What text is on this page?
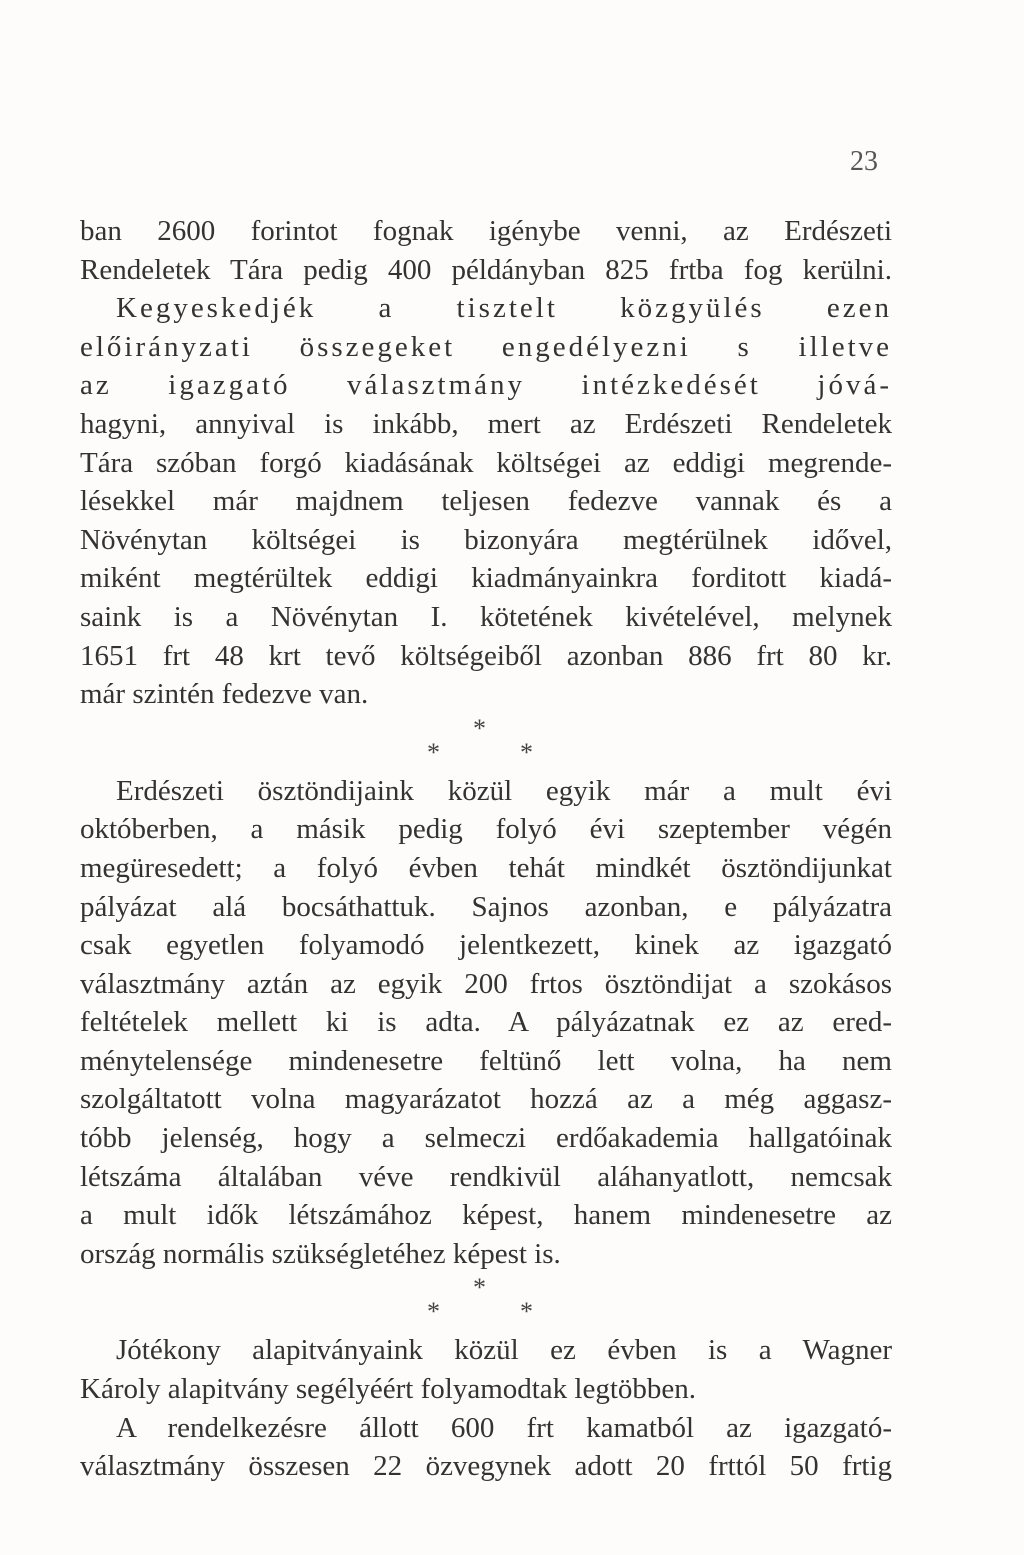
23
ban 2600 forintot fognak igénybe venni, az Erdészeti
Rendeletek Tára pedig 400 példányban 825 frtba fog kerülni.
Kegyeskedjék a tisztelt közgyülés ezen
előirányzati összegeket engedélyezni s illetve
az igazgató választmány intézkedését jóvá-
hagyni, annyival is inkább, mert az Erdészeti Rendeletek
Tára szóban forgó kiadásának költségei az eddigi megrende-
lésekkel már majdnem teljesen fedezve vannak és a
Növénytan költségei is bizonyára megtérülnek idővel,
miként megtérültek eddigi kiadmányainkra forditott kiadá-
saink is a Növénytan I. kötetének kivételével, melynek
1651 frt 48 krt tevő költségeiből azonban 886 frt 80 kr.
már szintén fedezve van.
*
*	*
Erdészeti ösztöndijaink közül egyik már a mult évi
októberben, a másik pedig folyó évi szeptember végén
megüresedett; a folyó évben tehát mindkét ösztöndijunkat
pályázat alá bocsáthattuk. Sajnos azonban, e pályázatra
csak egyetlen folyamodó jelentkezett, kinek az igazgató
választmány aztán az egyik 200 frtos ösztöndijat a szokásos
feltételek mellett ki is adta. A pályázatnak ez az ered-
ménytelensége mindenesetre feltünő lett volna, ha nem
szolgáltatott volna magyarázatot hozzá az a még aggasz-
tóbb jelenség, hogy a selmeczi erdőakademia hallgatóinak
létszáma általában véve rendkivül aláhanyatlott, nemcsak
a mult idők létszámához képest, hanem mindenesetre az
ország normális szükségletéhez képest is.
*
*	*
Jótékony alapitványaink közül ez évben is a Wagner
Károly alapitvány segélyéért folyamodtak legtöbben.
A rendelkezésre állott 600 frt kamatból az igazgató-
választmány összesen 22 özvegynek adott 20 frttól 50 frtig
